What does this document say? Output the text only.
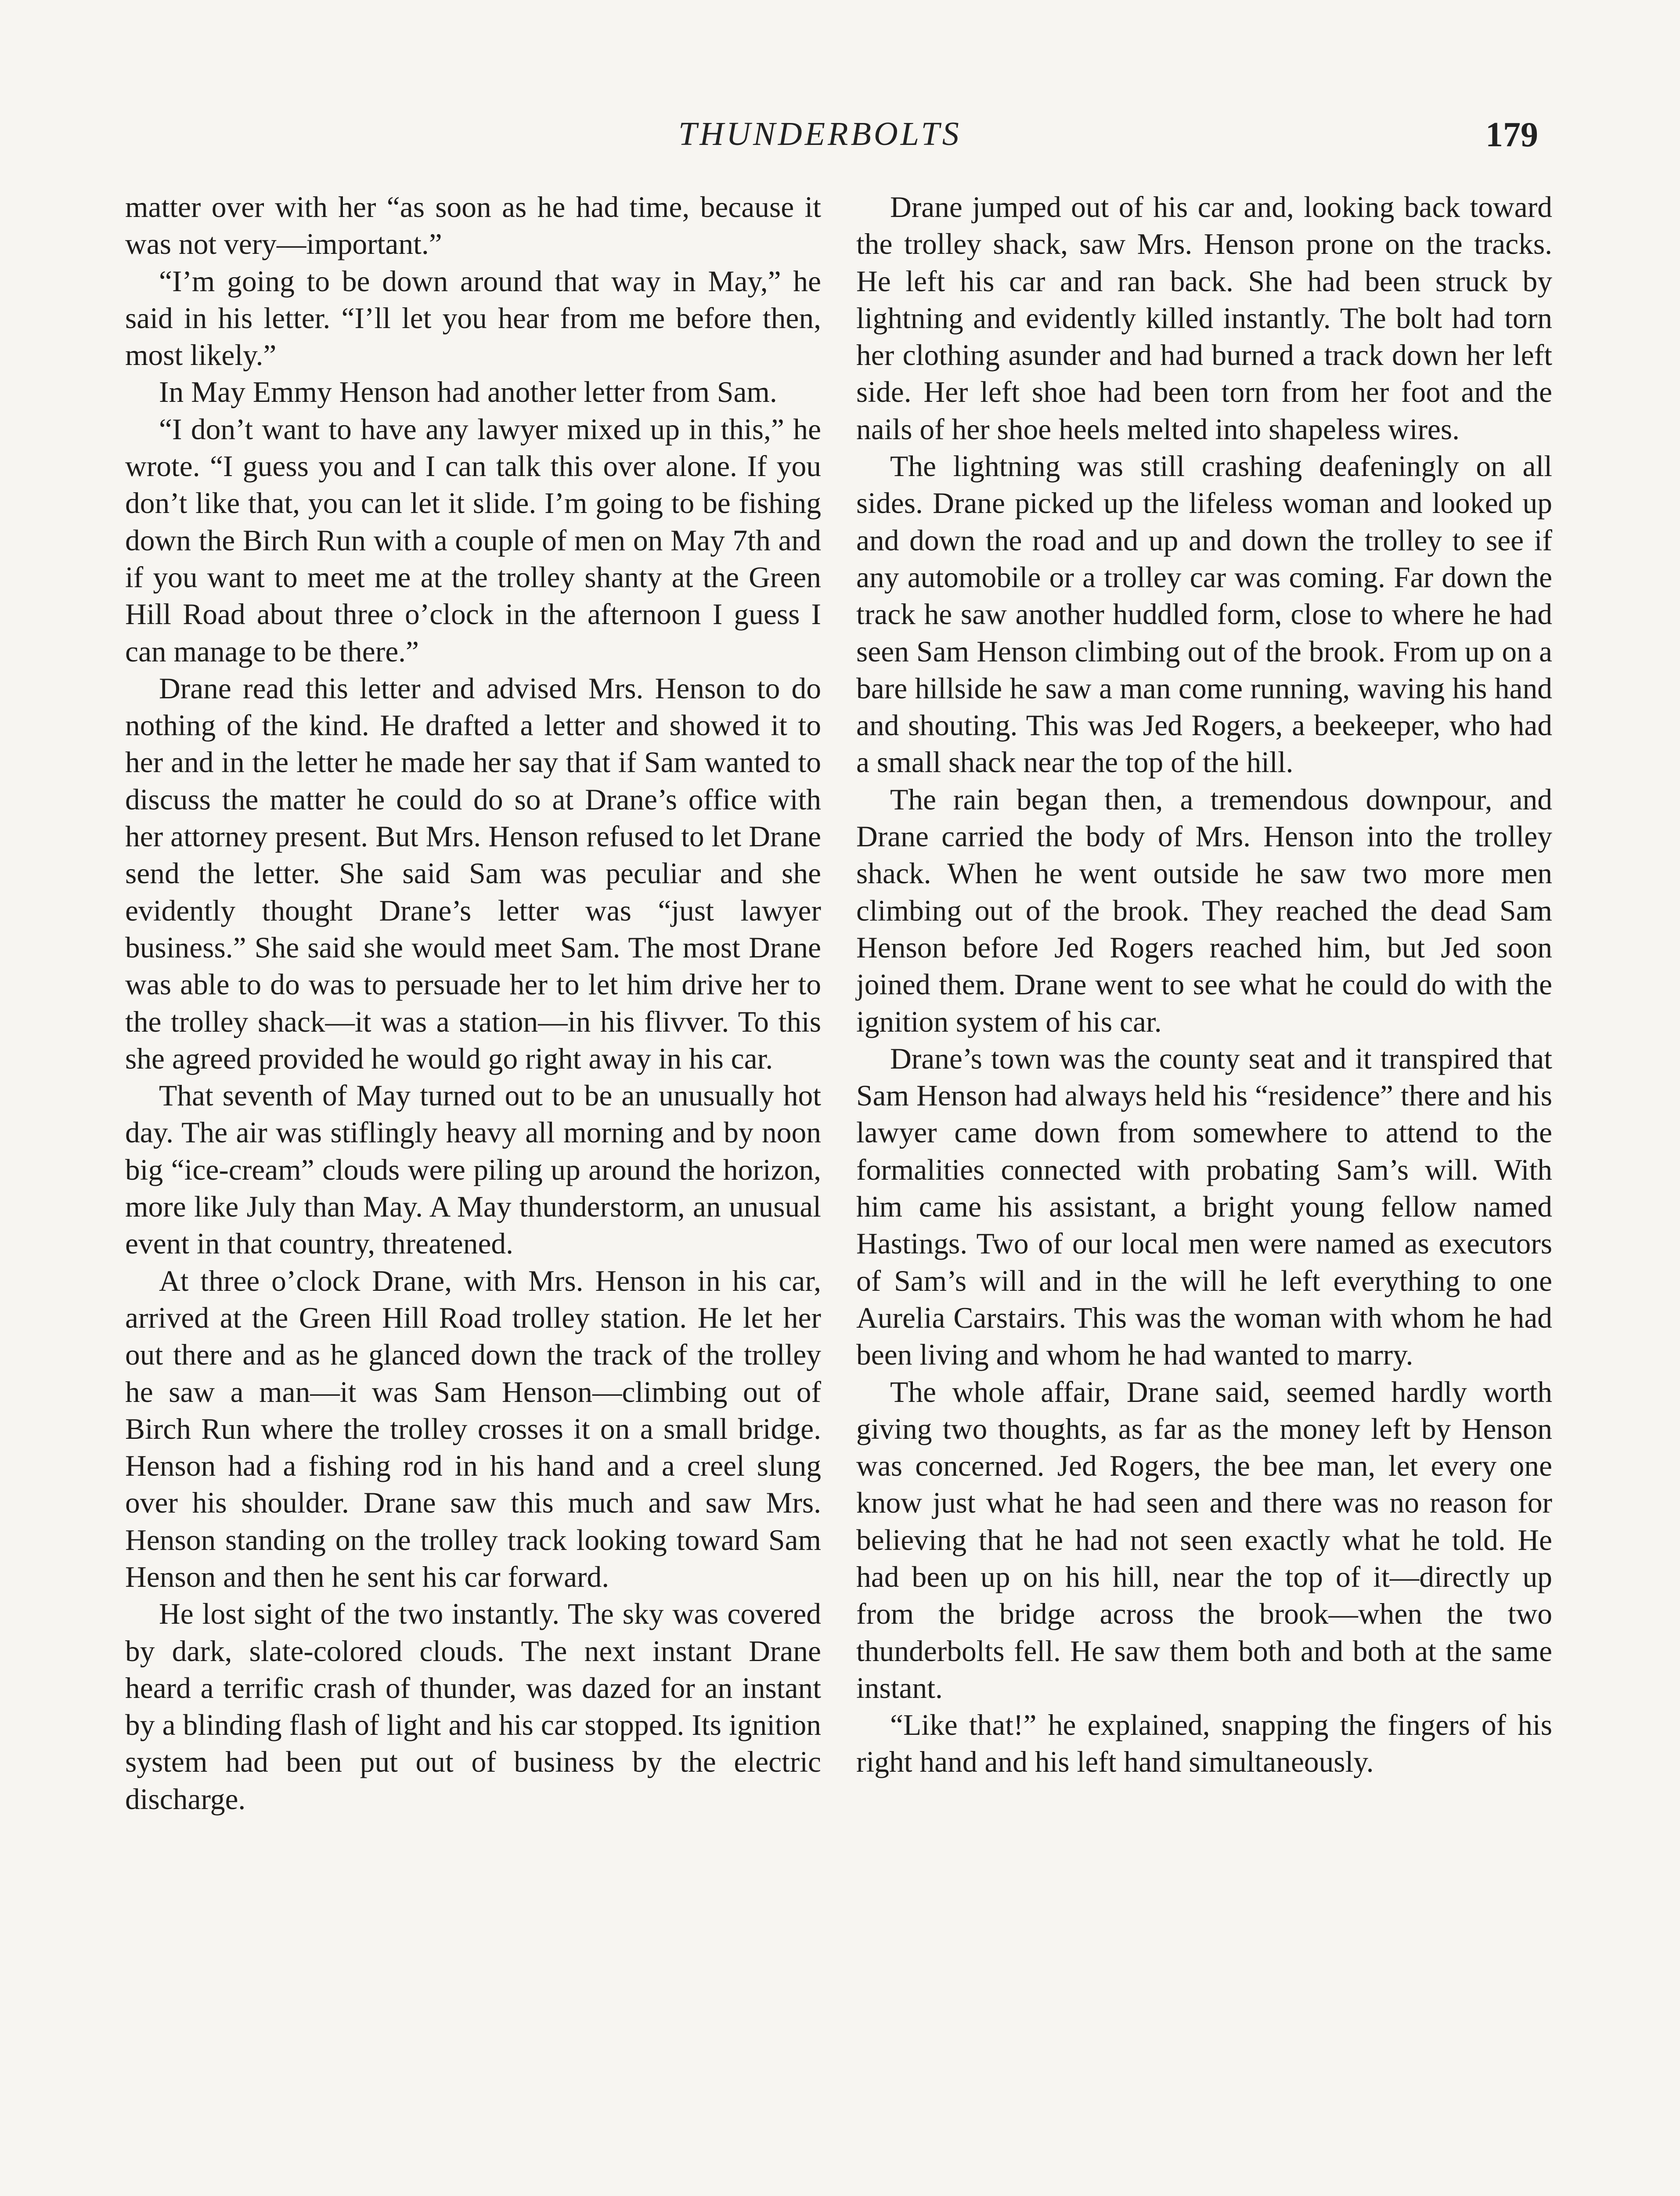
THUNDERBOLTS	179

matter over with her “as soon as he had time, because it was not very—important.”

“I’m going to be down around that way in May,” he said in his letter. “I’ll let you hear from me before then, most likely.”

In May Emmy Henson had another letter from Sam.

“I don’t want to have any lawyer mixed up in this,” he wrote. “I guess you and I can talk this over alone. If you don’t like that, you can let it slide. I’m going to be fishing down the Birch Run with a couple of men on May 7th and if you want to meet me at the trolley shanty at the Green Hill Road about three o’clock in the afternoon I guess I can manage to be there.”

Drane read this letter and advised Mrs. Henson to do nothing of the kind. He drafted a letter and showed it to her and in the letter he made her say that if Sam wanted to discuss the matter he could do so at Drane’s office with her attorney present. But Mrs. Henson refused to let Drane send the letter. She said Sam was peculiar and she evidently thought Drane’s letter was “just lawyer business.” She said she would meet Sam. The most Drane was able to do was to persuade her to let him drive her to the trolley shack—it was a station—in his flivver. To this she agreed provided he would go right away in his car.

That seventh of May turned out to be an unusually hot day. The air was stiflingly heavy all morning and by noon big “ice-cream” clouds were piling up around the horizon, more like July than May. A May thunderstorm, an unusual event in that country, threatened.

At three o’clock Drane, with Mrs. Henson in his car, arrived at the Green Hill Road trolley station. He let her out there and as he glanced down the track of the trolley he saw a man—it was Sam Henson—climbing out of Birch Run where the trolley crosses it on a small bridge. Henson had a fishing rod in his hand and a creel slung over his shoulder. Drane saw this much and saw Mrs. Henson standing on the trolley track looking toward Sam Henson and then he sent his car forward.

He lost sight of the two instantly. The sky was covered by dark, slate-colored clouds. The next instant Drane heard a terrific crash of thunder, was dazed for an instant by a blinding flash of light and his car stopped. Its ignition system had been put out of business by the electric discharge.

Drane jumped out of his car and, looking back toward the trolley shack, saw Mrs. Henson prone on the tracks. He left his car and ran back. She had been struck by lightning and evidently killed instantly. The bolt had torn her clothing asunder and had burned a track down her left side. Her left shoe had been torn from her foot and the nails of her shoe heels melted into shapeless wires.

The lightning was still crashing deafeningly on all sides. Drane picked up the lifeless woman and looked up and down the road and up and down the trolley to see if any automobile or a trolley car was coming. Far down the track he saw another huddled form, close to where he had seen Sam Henson climbing out of the brook. From up on a bare hillside he saw a man come running, waving his hand and shouting. This was Jed Rogers, a beekeeper, who had a small shack near the top of the hill.

The rain began then, a tremendous downpour, and Drane carried the body of Mrs. Henson into the trolley shack. When he went outside he saw two more men climbing out of the brook. They reached the dead Sam Henson before Jed Rogers reached him, but Jed soon joined them. Drane went to see what he could do with the ignition system of his car.

Drane’s town was the county seat and it transpired that Sam Henson had always held his “residence” there and his lawyer came down from somewhere to attend to the formalities connected with probating Sam’s will. With him came his assistant, a bright young fellow named Hastings. Two of our local men were named as executors of Sam’s will and in the will he left everything to one Aurelia Carstairs. This was the woman with whom he had been living and whom he had wanted to marry.

The whole affair, Drane said, seemed hardly worth giving two thoughts, as far as the money left by Henson was concerned. Jed Rogers, the bee man, let every one know just what he had seen and there was no reason for believing that he had not seen exactly what he told. He had been up on his hill, near the top of it—directly up from the bridge across the brook—when the two thunderbolts fell. He saw them both and both at the same instant.

“Like that!” he explained, snapping the fingers of his right hand and his left hand simultaneously.
